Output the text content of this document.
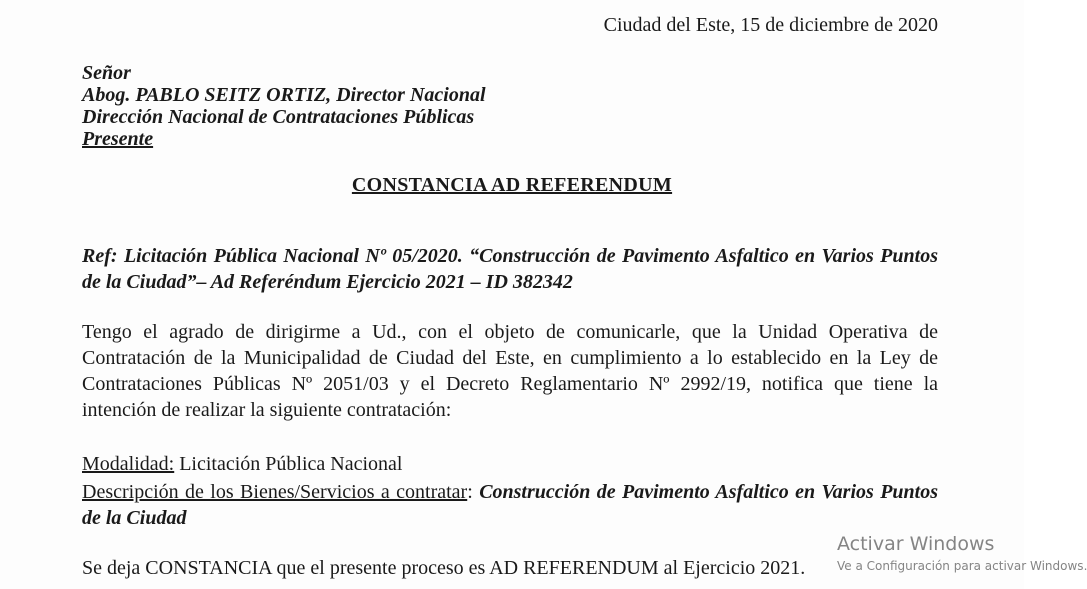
Ciudad del Este, 15 de diciembre de 2020
Señor
Abog. PABLO SEITZ ORTIZ, Director Nacional
Dirección Nacional de Contrataciones Públicas
Presente
CONSTANCIA AD REFERENDUM
Ref: Licitación Pública Nacional Nº 05/2020. “Construcción de Pavimento Asfaltico en Varios Puntos de la Ciudad”– Ad Referéndum Ejercicio 2021 – ID 382342
Tengo el agrado de dirigirme a Ud., con el objeto de comunicarle, que la Unidad Operativa de Contratación de la Municipalidad de Ciudad del Este, en cumplimiento a lo establecido en la Ley de Contrataciones Públicas Nº 2051/03 y el Decreto Reglamentario Nº 2992/19, notifica que tiene la intención de realizar la siguiente contratación:
Modalidad: Licitación Pública Nacional
Descripción de los Bienes/Servicios a contratar: Construcción de Pavimento Asfaltico en Varios Puntos de la Ciudad
Se deja CONSTANCIA que el presente proceso es AD REFERENDUM al Ejercicio 2021.
Activar Windows
Ve a Configuración para activar Windows.
